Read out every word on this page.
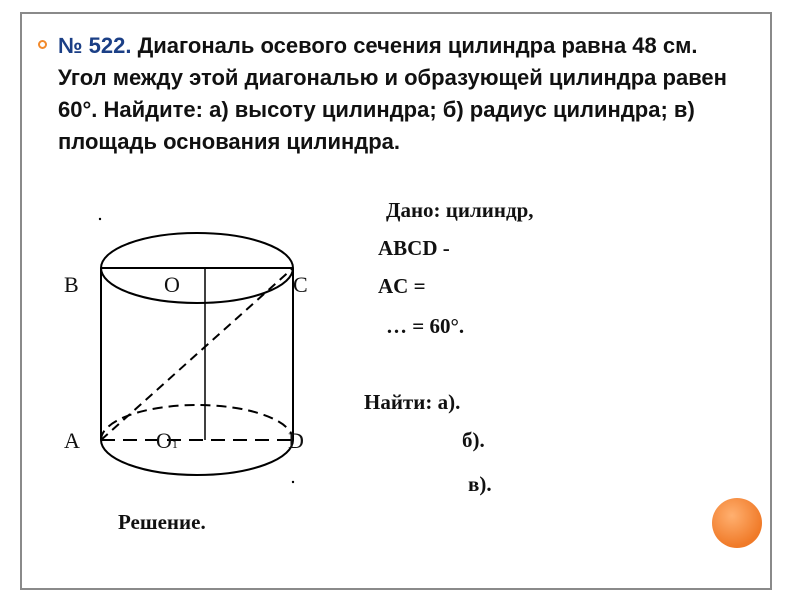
№ 522. Диагональ осевого сечения цилиндра равна 48 см. Угол между этой диагональю и образующей цилиндра равен 60°. Найдите: а) высоту цилиндра; б) радиус цилиндра; в) площадь основания цилиндра.
B	O	C
A	O1	D
Дано: цилиндр,
ABCD -
AC =
… = 60°.
Найти: а).
б).
в).
Решение.
